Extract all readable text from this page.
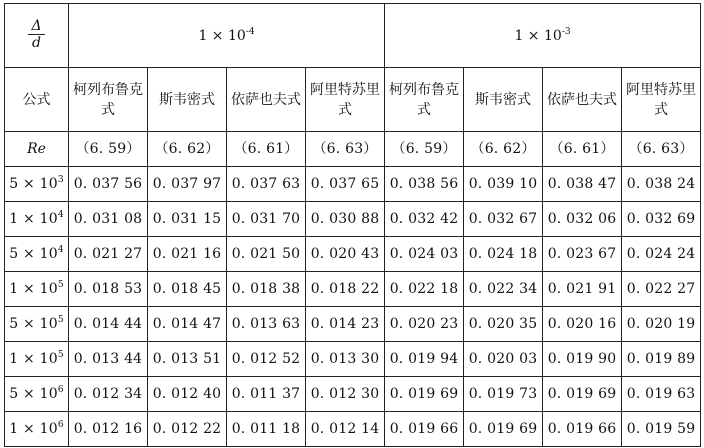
$\frac{\Delta}{d}$	$1 \times 10^{-4}$				$1 \times 10^{-3}$
公式	柯列布鲁克式	斯韦密式	依萨也夫式	阿里特苏里式	柯列布鲁克式	斯韦密式	依萨也夫式	阿里特苏里式
Re	（6. 59）	（6. 62）	（6. 61）	（6. 63）	（6. 59）	（6. 62）	（6. 61）	（6. 63）
$5 \times 10^3$	0. 037 56	0. 037 97	0. 037 63	0. 037 65	0. 038 56	0. 039 10	0. 038 47	0. 038 24
$1 \times 10^4$	0. 031 08	0. 031 15	0. 031 70	0. 030 88	0. 032 42	0. 032 67	0. 032 06	0. 032 69
$5 \times 10^4$	0. 021 27	0. 021 16	0. 021 50	0. 020 43	0. 024 03	0. 024 18	0. 023 67	0. 024 24
$1 \times 10^5$	0. 018 53	0. 018 45	0. 018 38	0. 018 22	0. 022 18	0. 022 34	0. 021 91	0. 022 27
$5 \times 10^5$	0. 014 44	0. 014 47	0. 013 63	0. 014 23	0. 020 23	0. 020 35	0. 020 16	0. 020 19
$1 \times 10^5$	0. 013 44	0. 013 51	0. 012 52	0. 013 30	0. 019 94	0. 020 03	0. 019 90	0. 019 89
$5 \times 10^6$	0. 012 34	0. 012 40	0. 011 37	0. 012 30	0. 019 69	0. 019 73	0. 019 69	0. 019 63
$1 \times 10^6$	0. 012 16	0. 012 22	0. 011 18	0. 012 14	0. 019 66	0. 019 69	0. 019 66	0. 019 59
